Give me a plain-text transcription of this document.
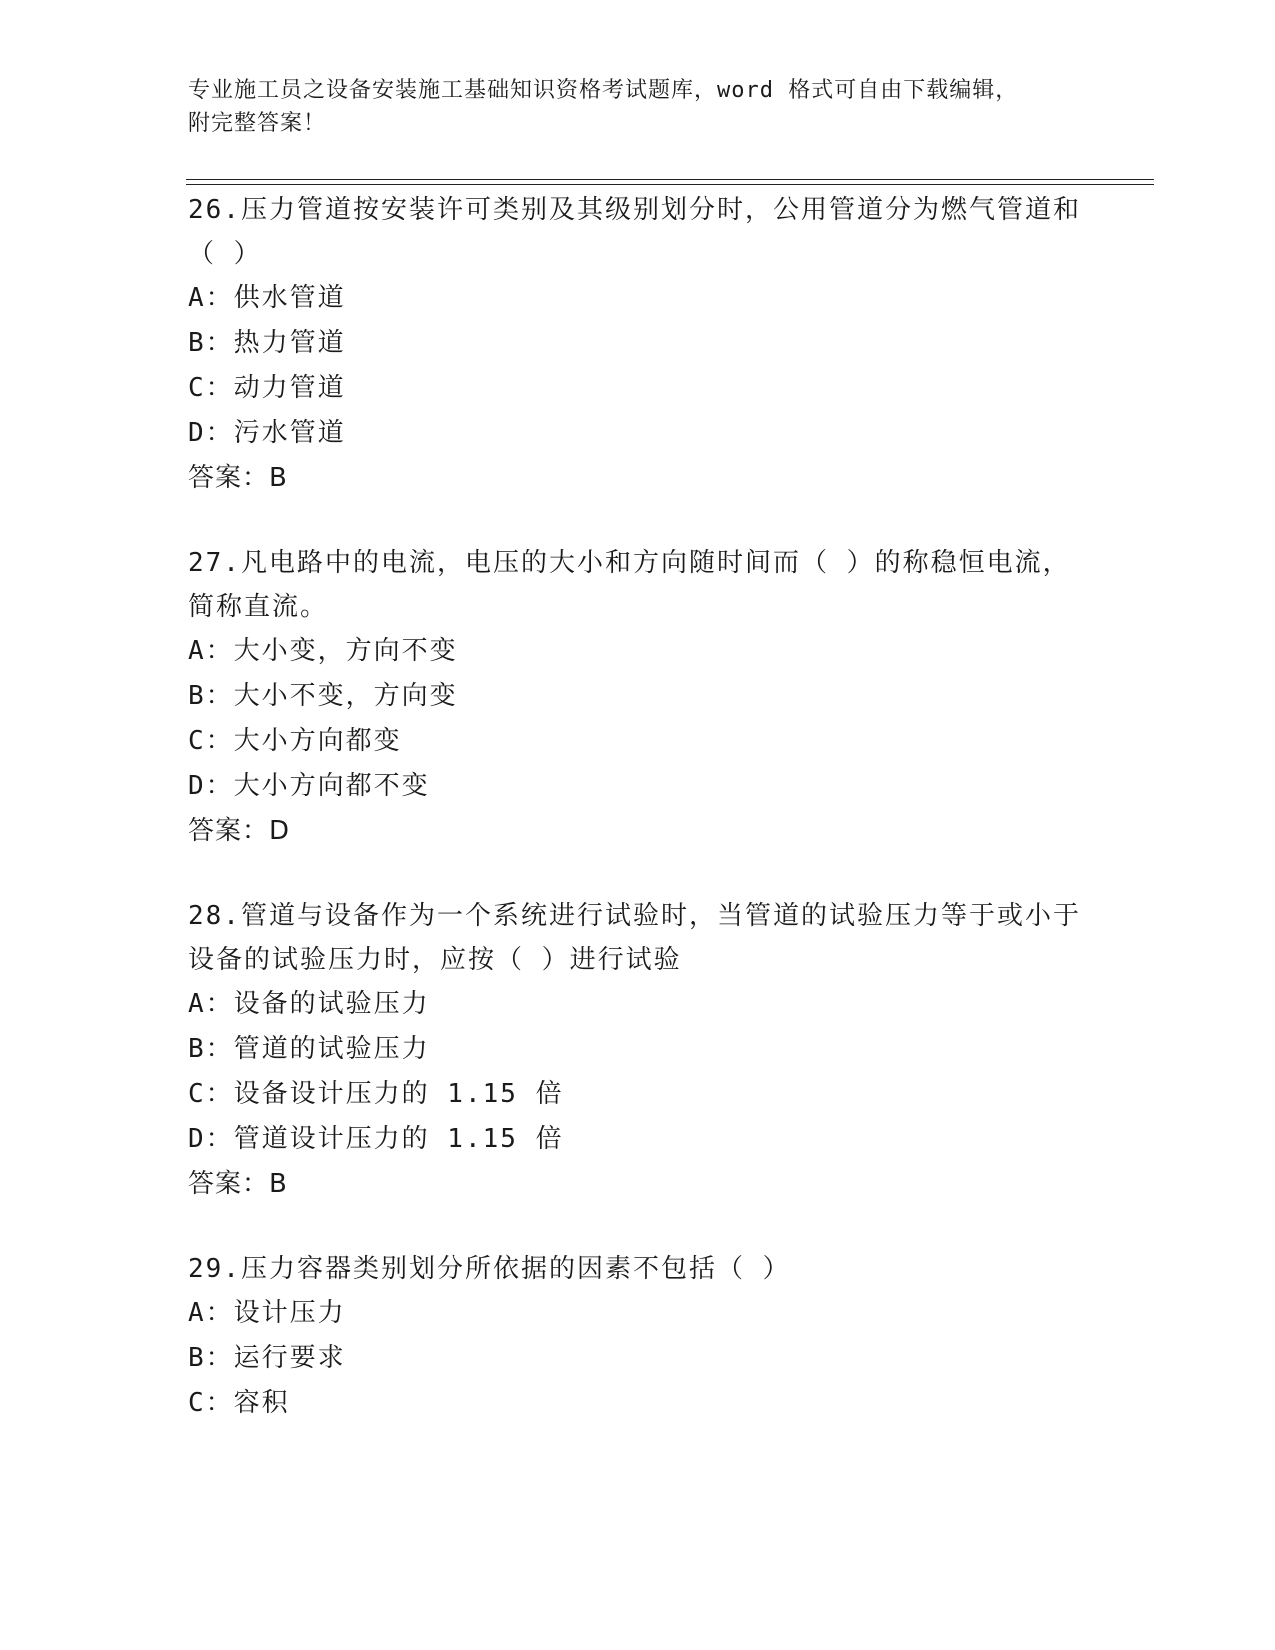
专业施工员之设备安装施工基础知识资格考试题库，word 格式可自由下载编辑，
附完整答案！

26.压力管道按安装许可类别及其级别划分时，公用管道分为燃气管道和（ ）

A：供水管道

B：热力管道

C：动力管道

D：污水管道

答案：B

27.凡电路中的电流，电压的大小和方向随时间而（ ）的称稳恒电流，简称直流。

A：大小变，方向不变

B：大小不变，方向变

C：大小方向都变

D：大小方向都不变

答案：D

28.管道与设备作为一个系统进行试验时，当管道的试验压力等于或小于设备的试验压力时，应按（ ）进行试验

A：设备的试验压力

B：管道的试验压力

C：设备设计压力的 1.15 倍

D：管道设计压力的 1.15 倍

答案：B

29.压力容器类别划分所依据的因素不包括（ ）

A：设计压力

B：运行要求

C：容积
